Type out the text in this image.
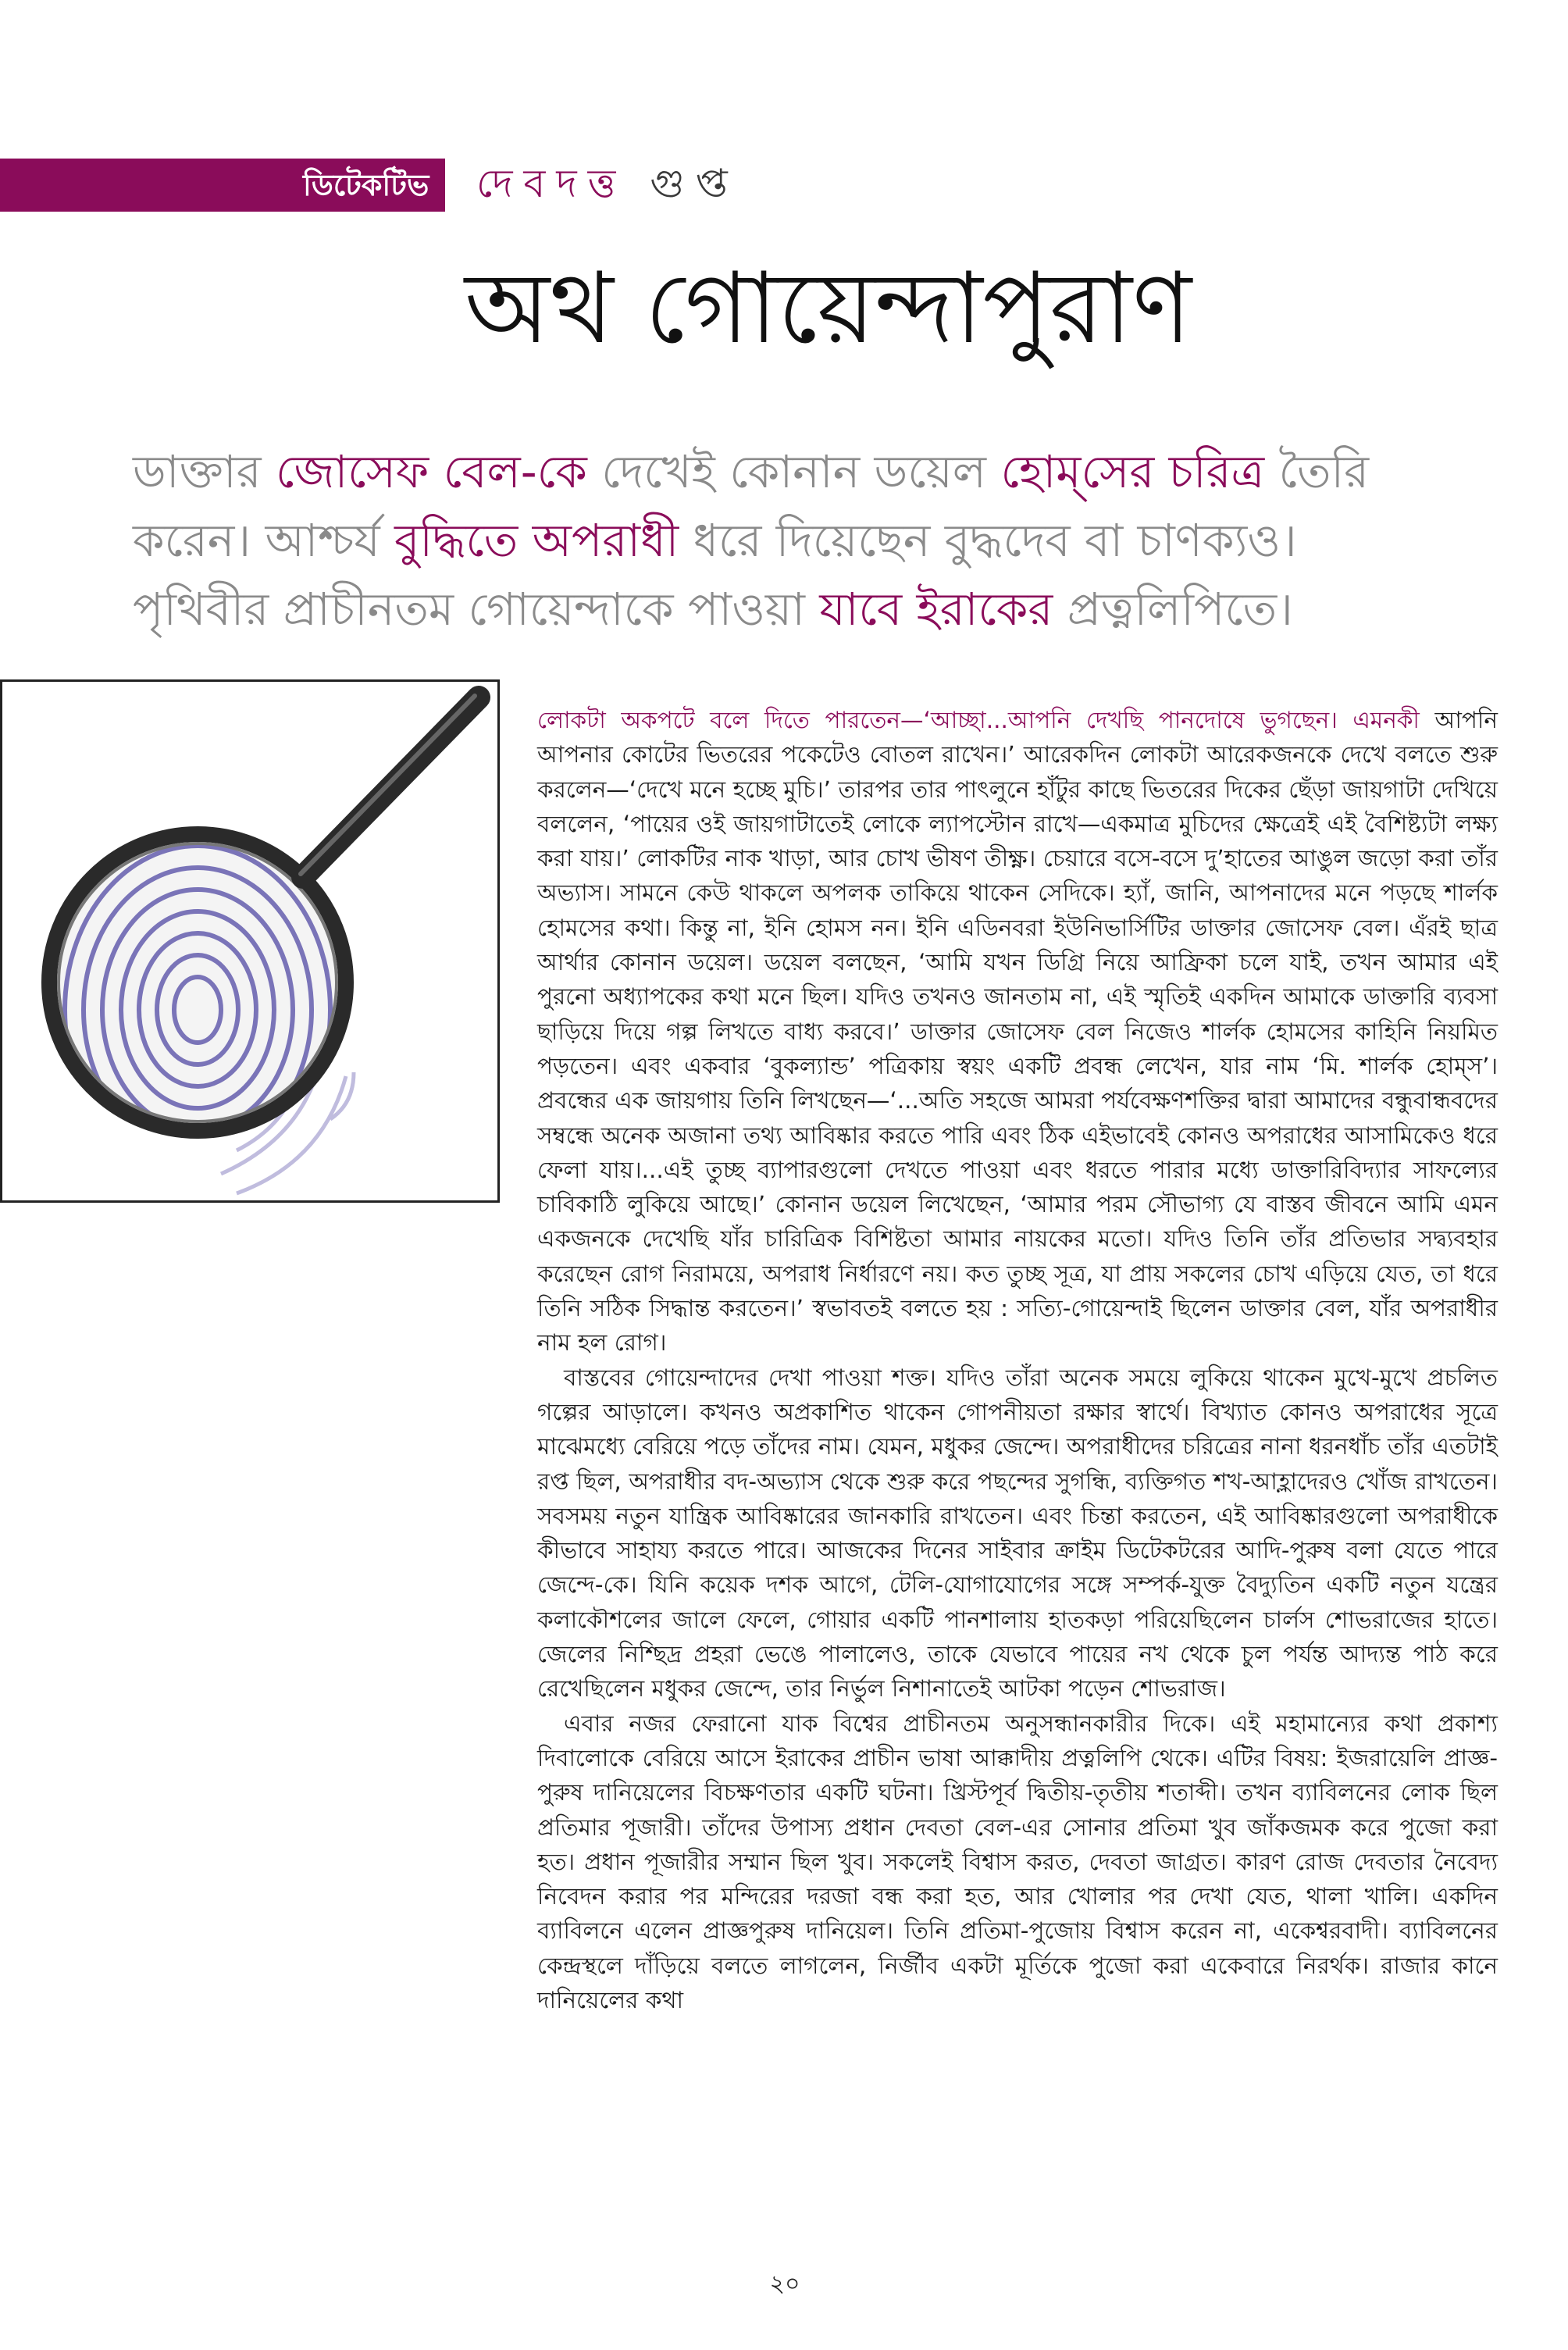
ডিটেকটিভ দেবদত্ত গুপ্ত
অথ গোয়েন্দাপুরাণ
ডাক্তার জোসেফ বেল-কে দেখেই কোনান ডয়েল হোম্‌সের চরিত্র তৈরি
করেন। আশ্চর্য বুদ্ধিতে অপরাধী ধরে দিয়েছেন বুদ্ধদেব বা চাণক্যও।
পৃথিবীর প্রাচীনতম গোয়েন্দাকে পাওয়া যাবে ইরাকের প্রত্নলিপিতে।

লোকটা অকপটে বলে দিতে পারতেন—‘আচ্ছা...আপনি দেখছি পানদোষে ভুগছেন। এমনকী আপনি আপনার কোটের ভিতরের পকেটেও বোতল রাখেন।’ আরেকদিন লোকটা আরেকজনকে দেখে বলতে শুরু করলেন—‘দেখে মনে হচ্ছে মুচি।’ তারপর তার পাৎলুনে হাঁটুর কাছে ভিতরের দিকের ছেঁড়া জায়গাটা দেখিয়ে বললেন, ‘পায়ের ওই জায়গাটাতেই লোকে ল্যাপস্টোন রাখে—একমাত্র মুচিদের ক্ষেত্রেই এই বৈশিষ্ট্যটা লক্ষ্য করা যায়।’ লোকটির নাক খাড়া, আর চোখ ভীষণ তীক্ষ্ণ। চেয়ারে বসে-বসে দু’হাতের আঙুল জড়ো করা তাঁর অভ্যাস। সামনে কেউ থাকলে অপলক তাকিয়ে থাকেন সেদিকে। হ্যাঁ, জানি, আপনাদের মনে পড়ছে শার্লক হোমসের কথা। কিন্তু না, ইনি হোমস নন। ইনি এডিনবরা ইউনিভার্সিটির ডাক্তার জোসেফ বেল। এঁরই ছাত্র আর্থার কোনান ডয়েল। ডয়েল বলছেন, ‘আমি যখন ডিগ্রি নিয়ে আফ্রিকা চলে যাই, তখন আমার এই পুরনো অধ্যাপকের কথা মনে ছিল। যদিও তখনও জানতাম না, এই স্মৃতিই একদিন আমাকে ডাক্তারি ব্যবসা ছাড়িয়ে দিয়ে গল্প লিখতে বাধ্য করবে।’ ডাক্তার জোসেফ বেল নিজেও শার্লক হোমসের কাহিনি নিয়মিত পড়তেন। এবং একবার ‘বুকল্যান্ড’ পত্রিকায় স্বয়ং একটি প্রবন্ধ লেখেন, যার নাম ‘মি. শার্লক হোম্‌স’। প্রবন্ধের এক জায়গায় তিনি লিখছেন—‘...অতি সহজে আমরা পর্যবেক্ষণশক্তির দ্বারা আমাদের বন্ধুবান্ধবদের সম্বন্ধে অনেক অজানা তথ্য আবিষ্কার করতে পারি এবং ঠিক এইভাবেই কোনও অপরাধের আসামিকেও ধরে ফেলা যায়।...এই তুচ্ছ ব্যাপারগুলো দেখতে পাওয়া এবং ধরতে পারার মধ্যে ডাক্তারিবিদ্যার সাফল্যের চাবিকাঠি লুকিয়ে আছে।’ কোনান ডয়েল লিখেছেন, ‘আমার পরম সৌভাগ্য যে বাস্তব জীবনে আমি এমন একজনকে দেখেছি যাঁর চারিত্রিক বিশিষ্টতা আমার নায়কের মতো। যদিও তিনি তাঁর প্রতিভার সদ্ব্যবহার করেছেন রোগ নিরাময়ে, অপরাধ নির্ধারণে নয়। কত তুচ্ছ সূত্র, যা প্রায় সকলের চোখ এড়িয়ে যেত, তা ধরে তিনি সঠিক সিদ্ধান্ত করতেন।’ স্বভাবতই বলতে হয় : সত্যি-গোয়েন্দাই ছিলেন ডাক্তার বেল, যাঁর অপরাধীর নাম হল রোগ।

বাস্তবের গোয়েন্দাদের দেখা পাওয়া শক্ত। যদিও তাঁরা অনেক সময়ে লুকিয়ে থাকেন মুখে-মুখে প্রচলিত গল্পের আড়ালে। কখনও অপ্রকাশিত থাকেন গোপনীয়তা রক্ষার স্বার্থে। বিখ্যাত কোনও অপরাধের সূত্রে মাঝেমধ্যে বেরিয়ে পড়ে তাঁদের নাম। যেমন, মধুকর জেন্দে। অপরাধীদের চরিত্রের নানা ধরনধাঁচ তাঁর এতটাই রপ্ত ছিল, অপরাধীর বদ-অভ্যাস থেকে শুরু করে পছন্দের সুগন্ধি, ব্যক্তিগত শখ-আহ্লাদেরও খোঁজ রাখতেন। সবসময় নতুন যান্ত্রিক আবিষ্কারের জানকারি রাখতেন। এবং চিন্তা করতেন, এই আবিষ্কারগুলো অপরাধীকে কীভাবে সাহায্য করতে পারে। আজকের দিনের সাইবার ক্রাইম ডিটেকটরের আদি-পুরুষ বলা যেতে পারে জেন্দে-কে। যিনি কয়েক দশক আগে, টেলি-যোগাযোগের সঙ্গে সম্পর্ক-যুক্ত বৈদ্যুতিন একটি নতুন যন্ত্রের কলাকৌশলের জালে ফেলে, গোয়ার একটি পানশালায় হাতকড়া পরিয়েছিলেন চার্লস শোভরাজের হাতে। জেলের নিশ্ছিদ্র প্রহরা ভেঙে পালালেও, তাকে যেভাবে পায়ের নখ থেকে চুল পর্যন্ত আদ্যন্ত পাঠ করে রেখেছিলেন মধুকর জেন্দে, তার নির্ভুল নিশানাতেই আটকা পড়েন শোভরাজ।

এবার নজর ফেরানো যাক বিশ্বের প্রাচীনতম অনুসন্ধানকারীর দিকে। এই মহামান্যের কথা প্রকাশ্য দিবালোকে বেরিয়ে আসে ইরাকের প্রাচীন ভাষা আক্কাদীয় প্রত্নলিপি থেকে। এটির বিষয়: ইজরায়েলি প্রাজ্ঞ-পুরুষ দানিয়েলের বিচক্ষণতার একটি ঘটনা। খ্রিস্টপূর্ব দ্বিতীয়-তৃতীয় শতাব্দী। তখন ব্যাবিলনের লোক ছিল প্রতিমার পূজারী। তাঁদের উপাস্য প্রধান দেবতা বেল-এর সোনার প্রতিমা খুব জাঁকজমক করে পুজো করা হত। প্রধান পূজারীর সম্মান ছিল খুব। সকলেই বিশ্বাস করত, দেবতা জাগ্রত। কারণ রোজ দেবতার নৈবেদ্য নিবেদন করার পর মন্দিরের দরজা বন্ধ করা হত, আর খোলার পর দেখা যেত, থালা খালি। একদিন ব্যাবিলনে এলেন প্রাজ্ঞপুরুষ দানিয়েল। তিনি প্রতিমা-পুজোয় বিশ্বাস করেন না, একেশ্বরবাদী। ব্যাবিলনের কেন্দ্রস্থলে দাঁড়িয়ে বলতে লাগলেন, নির্জীব একটা মূর্তিকে পুজো করা একেবারে নিরর্থক। রাজার কানে দানিয়েলের কথা

২০
